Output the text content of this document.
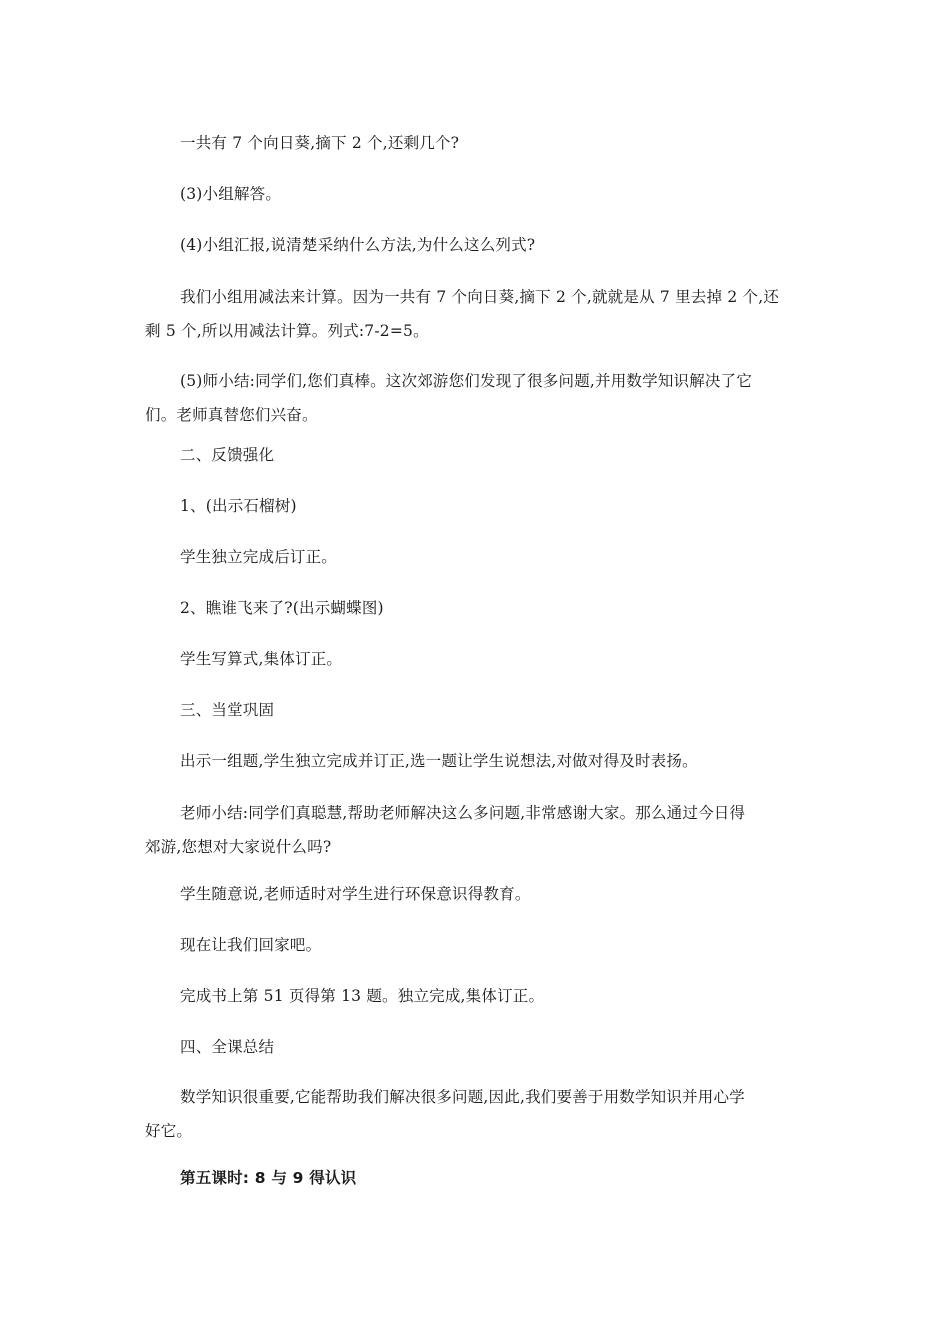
一共有 7 个向日葵,摘下 2 个,还剩几个?

(3)小组解答。

(4)小组汇报,说清楚采纳什么方法,为什么这么列式?

我们小组用减法来计算。因为一共有 7 个向日葵,摘下 2 个,就就是从 7 里去掉 2 个,还
剩 5 个,所以用减法计算。列式:7-2=5。

(5)师小结:同学们,您们真棒。这次郊游您们发现了很多问题,并用数学知识解决了它
们。老师真替您们兴奋。

二、反馈强化

1、(出示石榴树)

学生独立完成后订正。

2、瞧谁飞来了?(出示蝴蝶图)

学生写算式,集体订正。

三、当堂巩固

出示一组题,学生独立完成并订正,选一题让学生说想法,对做对得及时表扬。

老师小结:同学们真聪慧,帮助老师解决这么多问题,非常感谢大家。那么通过今日得
郊游,您想对大家说什么吗?

学生随意说,老师适时对学生进行环保意识得教育。

现在让我们回家吧。

完成书上第 51 页得第 13 题。独立完成,集体订正。

四、全课总结

数学知识很重要,它能帮助我们解决很多问题,因此,我们要善于用数学知识并用心学
好它。

第五课时: 8 与 9 得认识
